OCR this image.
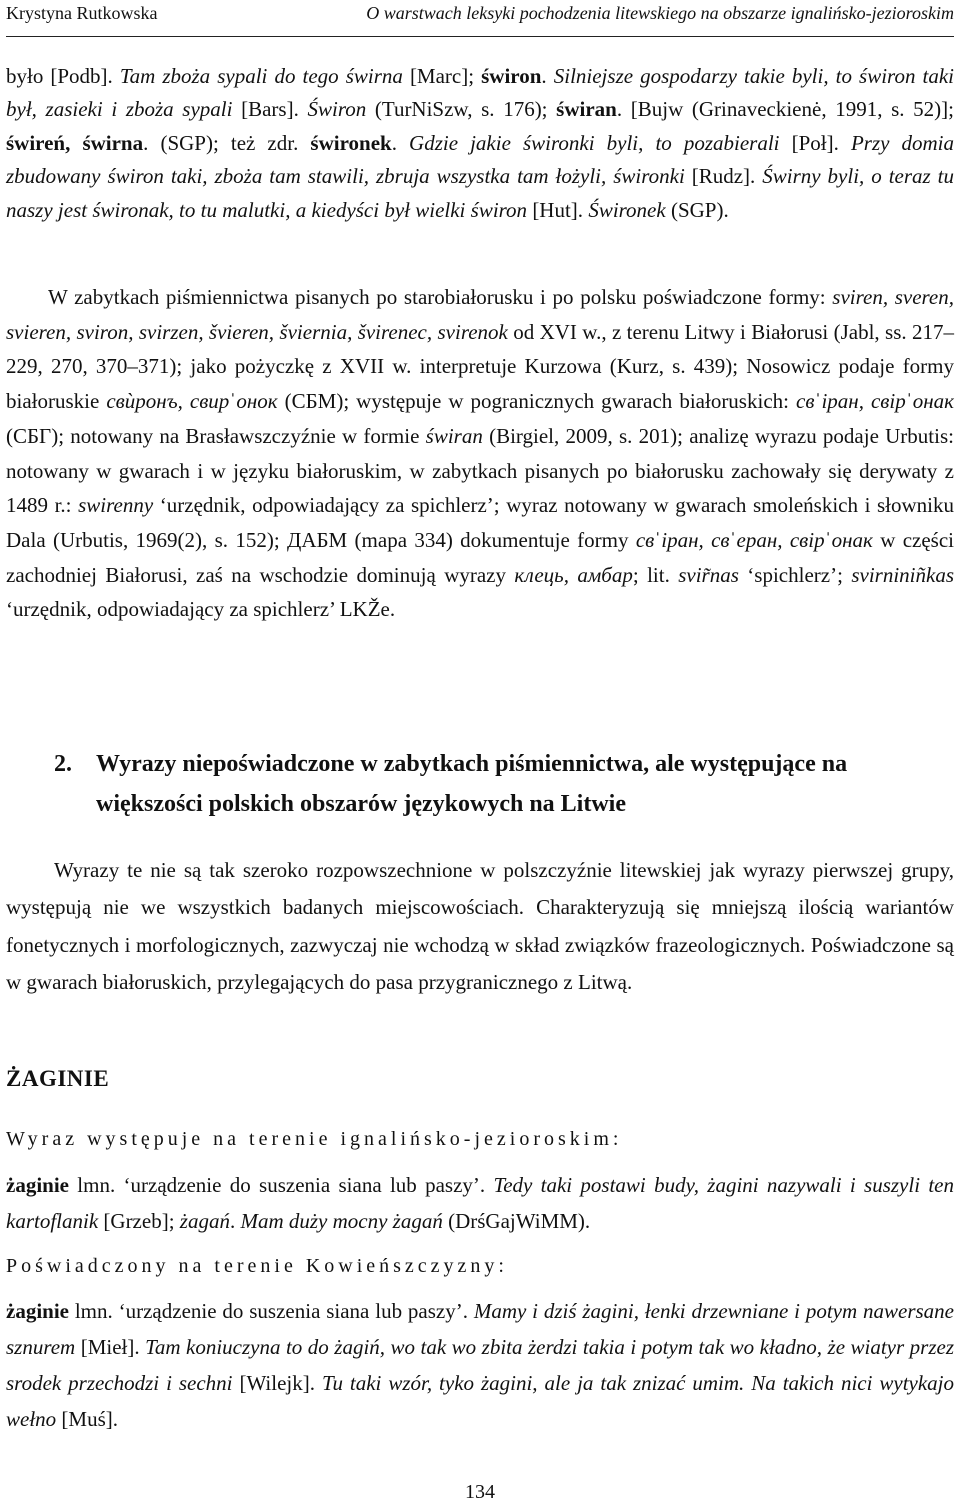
Krystyna Rutkowska	O warstwach leksyki pochodzenia litewskiego na obszarze ignalińsko-jezioroskim

było [Podb]. Tam zboża sypali do tego świrna [Marc]; świron. Silniejsze gospodarzy takie byli, to świron taki był, zasieki i zboża sypali [Bars]. Świron (TurNiSzw, s. 176); świran. [Bujw (Grinaveckienė, 1991, s. 52)]; świreń, świrna. (SGP); też zdr. świronek. Gdzie jakie świronki byli, to pozabierali [Poł]. Przy domia zbudowany świron taki, zboża tam stawili, zbruja wszystka tam łożyli, świronki [Rudz]. Świrny byli, o teraz tu naszy jest świronak, to tu malutki, a kiedyści był wielki świron [Hut]. Świronek (SGP).

W zabytkach piśmiennictwa pisanych po starobiałorusku i po polsku poświadczone formy: sviren, sveren, svieren, sviron, svirzen, švieren, šviernia, švirenec, svirenok od XVI w., z terenu Litwy i Białorusi (Jabl, ss. 217–229, 270, 370–371); jako pożyczkę z XVII w. interpretuje Kurzowa (Kurz, s. 439); Nosowicz podaje formy białoruskie свѝронъ, свирˈонок (СБМ); występuje w pogranicznych gwarach białoruskich: свˈіран, свірˈонак (СБГ); notowany na Brasławszczyźnie w formie świran (Birgiel, 2009, s. 201); analizę wyrazu podaje Urbutis: notowany w gwarach i w języku białoruskim, w zabytkach pisanych po białorusku zachowały się derywaty z 1489 r.: swirenny ‘urzędnik, odpowiadający za spichlerz’; wyraz notowany w gwarach smoleńskich i słowniku Dala (Urbutis, 1969(2), s. 152); ДАБМ (mapa 334) dokumentuje formy свˈіран, свˈеран, свірˈонак w części zachodniej Białorusi, zaś na wschodzie dominują wyrazy клець, амбар; lit. svir̃nas ‘spichlerz’; svirniniñkas ‘urzędnik, odpowiadający za spichlerz’ LKŽe.

2. Wyrazy niepoświadczone w zabytkach piśmiennictwa, ale występujące na większości polskich obszarów językowych na Litwie

Wyrazy te nie są tak szeroko rozpowszechnione w polszczyźnie litewskiej jak wyrazy pierwszej grupy, występują nie we wszystkich badanych miejscowościach. Charakteryzują się mniejszą ilością wariantów fonetycznych i morfologicznych, zazwyczaj nie wchodzą w skład związków frazeologicznych. Poświadczone są w gwarach białoruskich, przylegających do pasa przygranicznego z Litwą.

ŻAGINIE
Wyraz występuje na terenie ignalińsko-jezioroskim:

żaginie lmn. ‘urządzenie do suszenia siana lub paszy’. Tedy taki postawi budy, żagini nazywali i suszyli ten kartoflanik [Grzeb]; żagań. Mam duży mocny żagań (DrśGajWiMM).

Poświadczony na terenie Kowieńszczyzny:

żaginie lmn. ‘urządzenie do suszenia siana lub paszy’. Mamy i dziś żagini, łenki drzewniane i potym nawersane sznurem [Mieł]. Tam koniuczyna to do żagiń, wo tak wo zbita żerdzi takia i potym tak wo kładno, że wiatyr przez srodek przechodzi i sechni [Wilejk]. Tu taki wzór, tyko żagini, ale ja tak znizać umim. Na takich nici wytykajo wełno [Muś].

134
